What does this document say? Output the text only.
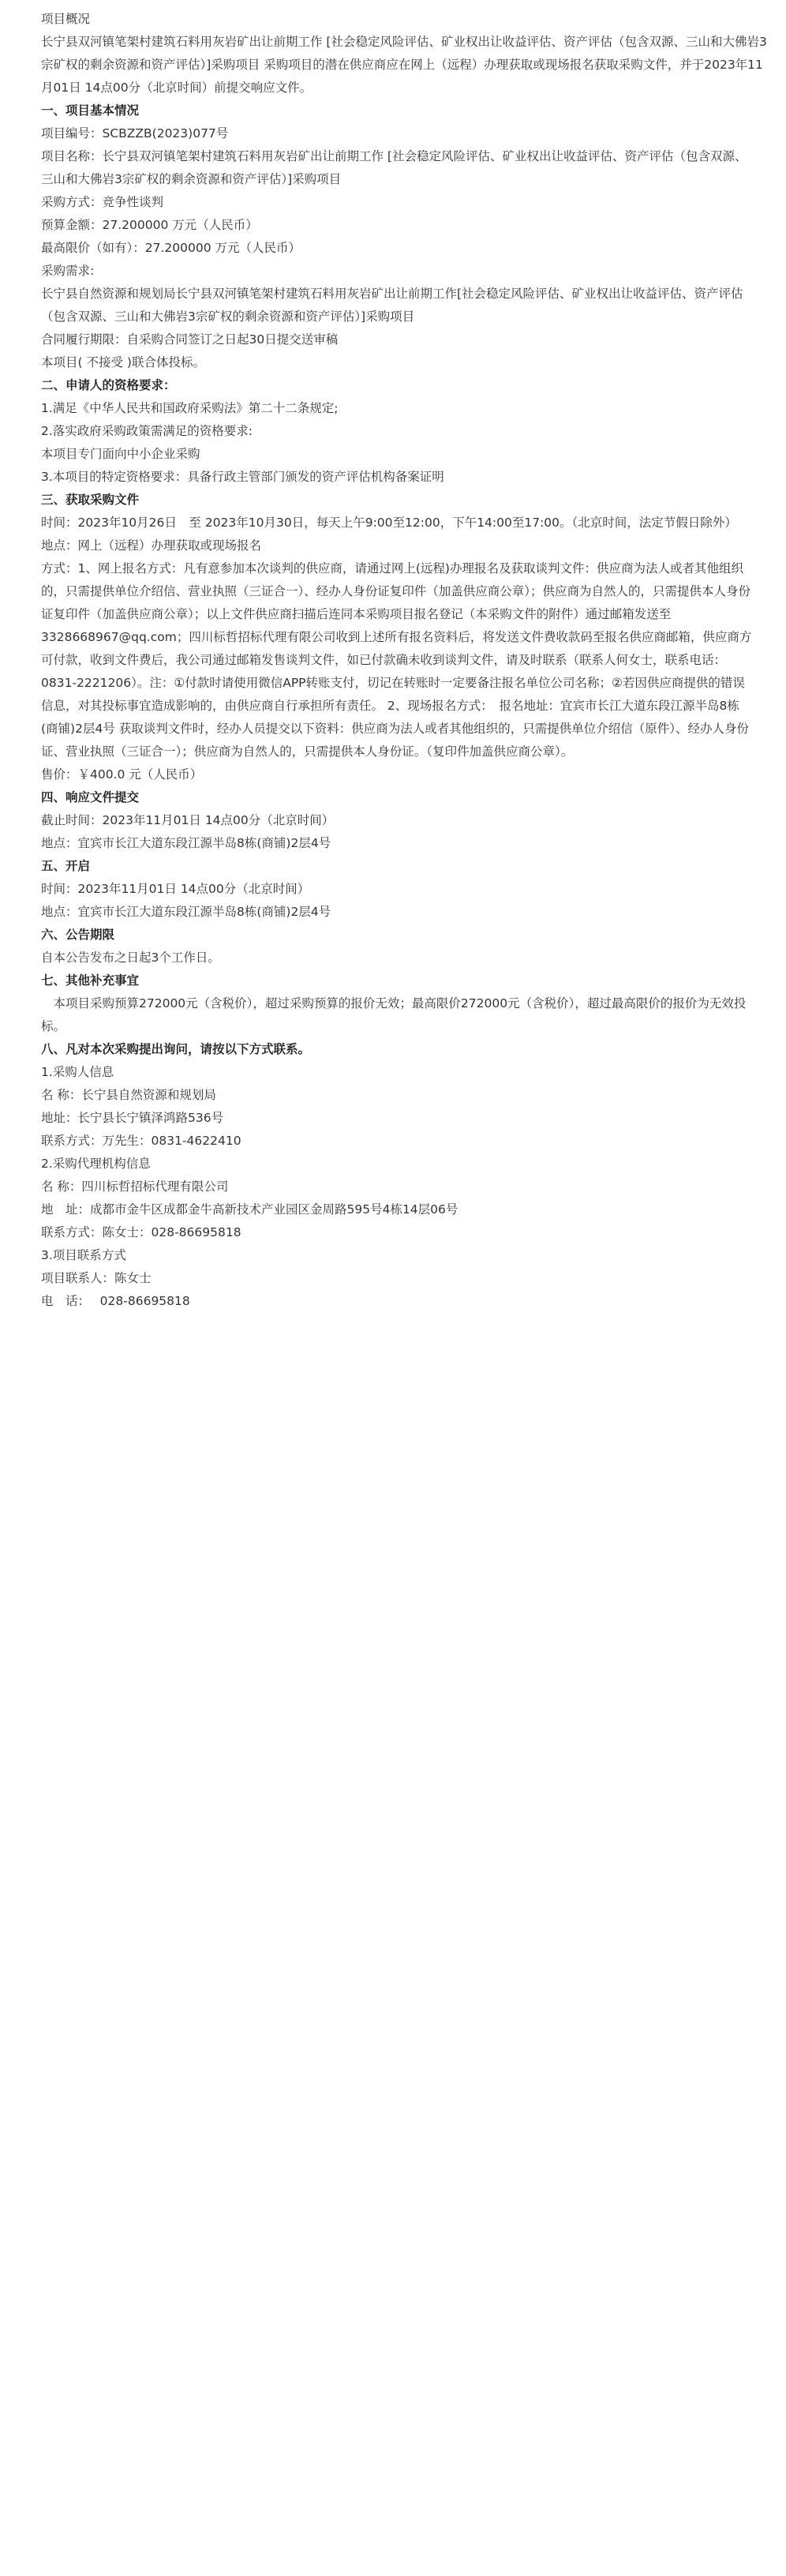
项目概况

长宁县双河镇笔架村建筑石料用灰岩矿出让前期工作 [社会稳定风险评估、矿业权出让收益评估、资产评估（包含双源、三山和大佛岩3宗矿权的剩余资源和资产评估）]采购项目 采购项目的潜在供应商应在网上（远程）办理获取或现场报名获取采购文件，并于2023年11月01日 14点00分（北京时间）前提交响应文件。

一、项目基本情况

项目编号：SCBZZB(2023)077号

项目名称：长宁县双河镇笔架村建筑石料用灰岩矿出让前期工作 [社会稳定风险评估、矿业权出让收益评估、资产评估（包含双源、三山和大佛岩3宗矿权的剩余资源和资产评估）]采购项目

采购方式：竞争性谈判

预算金额：27.200000 万元（人民币）

最高限价（如有）：27.200000 万元（人民币）

采购需求:

长宁县自然资源和规划局长宁县双河镇笔架村建筑石料用灰岩矿出让前期工作[社会稳定风险评估、矿业权出让收益评估、资产评估（包含双源、三山和大佛岩3宗矿权的剩余资源和资产评估）]采购项目

合同履行期限：自采购合同签订之日起30日提交送审稿

本项目( 不接受 )联合体投标。

二、申请人的资格要求：

1.满足《中华人民共和国政府采购法》第二十二条规定;

2.落实政府采购政策需满足的资格要求:

本项目专门面向中小企业采购

3.本项目的特定资格要求：具备行政主管部门颁发的资产评估机构备案证明

三、获取采购文件

时间：2023年10月26日　至 2023年10月30日，每天上午9:00至12:00，下午14:00至17:00。（北京时间，法定节假日除外）

地点：网上（远程）办理获取或现场报名

方式：1、网上报名方式：凡有意参加本次谈判的供应商，请通过网上(远程)办理报名及获取谈判文件：供应商为法人或者其他组织的，只需提供单位介绍信、营业执照（三证合一）、经办人身份证复印件（加盖供应商公章）；供应商为自然人的，只需提供本人身份证复印件（加盖供应商公章）；以上文件供应商扫描后连同本采购项目报名登记（本采购文件的附件）通过邮箱发送至3328668967@qq.com；四川标哲招标代理有限公司收到上述所有报名资料后，将发送文件费收款码至报名供应商邮箱，供应商方可付款，收到文件费后，我公司通过邮箱发售谈判文件，如已付款确未收到谈判文件，请及时联系（联系人何女士，联系电话：0831-2221206）。注：①付款时请使用微信APP转账支付，切记在转账时一定要备注报名单位公司名称；②若因供应商提供的错误信息，对其投标事宜造成影响的，由供应商自行承担所有责任。 2、现场报名方式：　报名地址：宜宾市长江大道东段江源半岛8栋(商铺)2层4号 获取谈判文件时，经办人员提交以下资料：供应商为法人或者其他组织的，只需提供单位介绍信（原件）、经办人身份证、营业执照（三证合一）；供应商为自然人的，只需提供本人身份证。（复印件加盖供应商公章）。

售价：￥400.0 元（人民币）

四、响应文件提交

截止时间：2023年11月01日 14点00分（北京时间）

地点：宜宾市长江大道东段江源半岛8栋(商铺)2层4号

五、开启

时间：2023年11月01日 14点00分（北京时间）

地点：宜宾市长江大道东段江源半岛8栋(商铺)2层4号

六、公告期限

自本公告发布之日起3个工作日。

七、其他补充事宜

　本项目采购预算272000元（含税价），超过采购预算的报价无效；最高限价272000元（含税价），超过最高限价的报价为无效投标。

八、凡对本次采购提出询问，请按以下方式联系。

1.采购人信息

名 称：长宁县自然资源和规划局

地址：长宁县长宁镇泽鸿路536号

联系方式：万先生：0831-4622410

2.采购代理机构信息

名 称：四川标哲招标代理有限公司

地　址：成都市金牛区成都金牛高新技术产业园区金周路595号4栋14层06号

联系方式：陈女士：028-86695818

3.项目联系方式

项目联系人：陈女士

电　话：　 028-86695818
